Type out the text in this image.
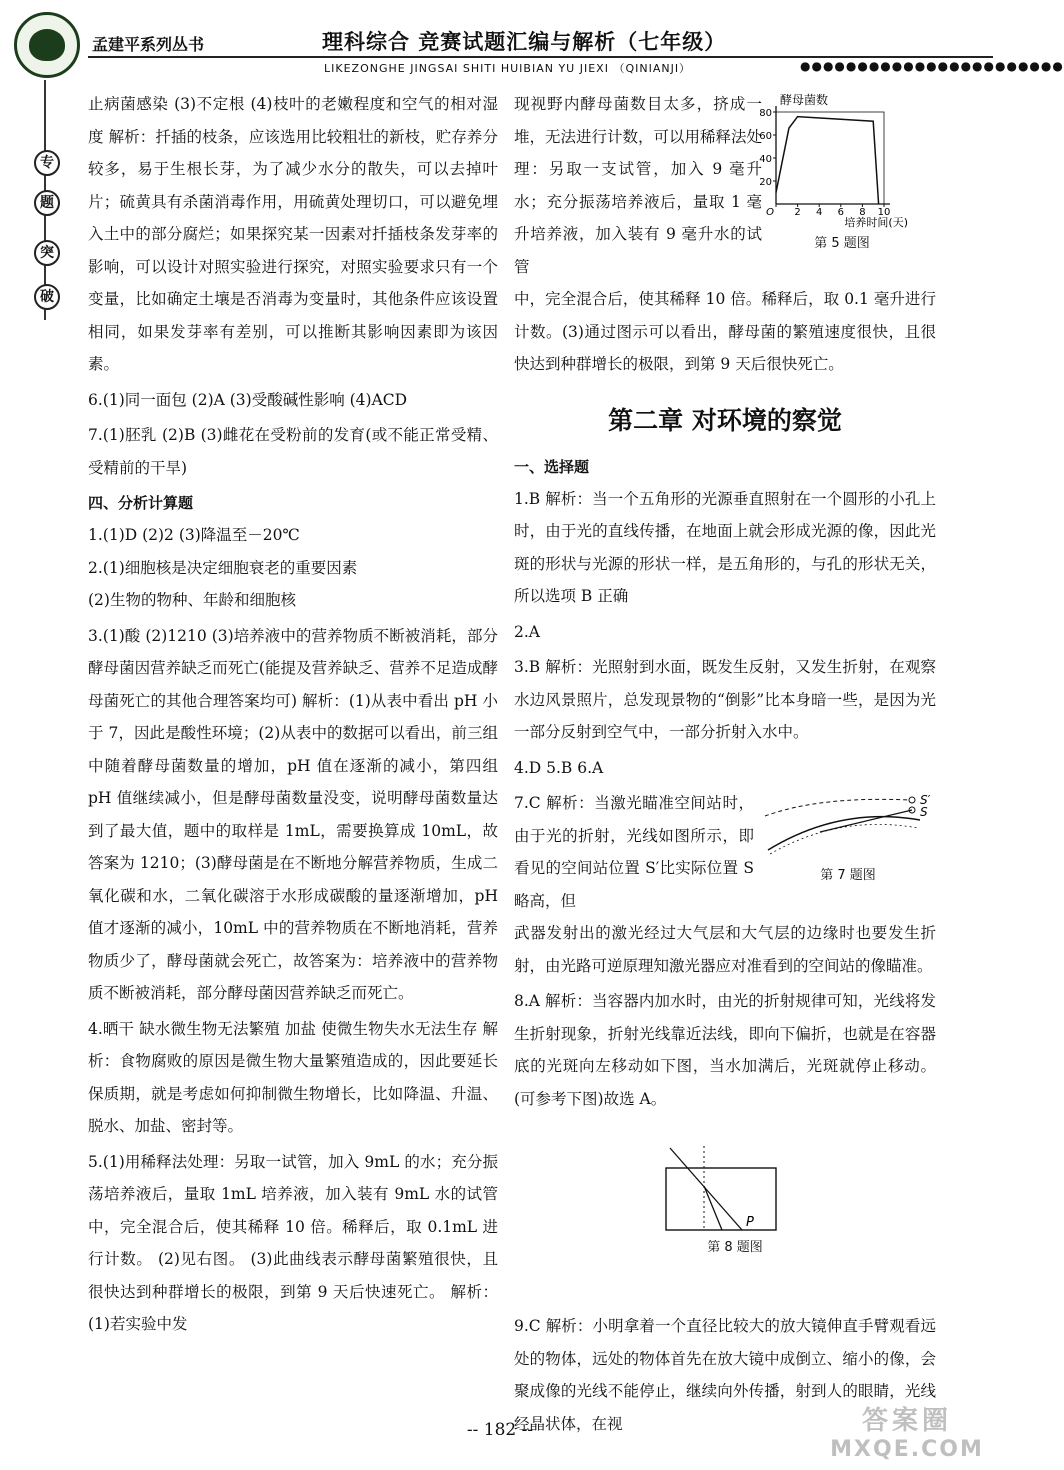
孟建平系列丛书	理科综合 竞赛试题汇编与解析（七年级）
LIKEZONGHE JINGSAI SHITI HUIBIAN YU JIEXI （QINIANJI）	●●●●●●●●●●●●●●●●●●●●●●●
专
题
突
破

止病菌感染 (3)不定根 (4)枝叶的老嫩程度和空气的相对湿度 解析：扦插的枝条，应该选用比较粗壮的新枝，贮存养分较多，易于生根长芽，为了减少水分的散失，可以去掉叶片；硫黄具有杀菌消毒作用，用硫黄处理切口，可以避免埋入土中的部分腐烂；如果探究某一因素对扦插枝条发芽率的影响，可以设计对照实验进行探究，对照实验要求只有一个变量，比如确定土壤是否消毒为变量时，其他条件应该设置相同，如果发芽率有差别，可以推断其影响因素即为该因素。

6.(1)同一面包 (2)A (3)受酸碱性影响 (4)ACD

7.(1)胚乳 (2)B (3)雌花在受粉前的发育(或不能正常受精、受精前的干旱)

四、分析计算题

1.(1)D (2)2 (3)降温至－20℃

2.(1)细胞核是决定细胞衰老的重要因素

(2)生物的物种、年龄和细胞核

3.(1)酸 (2)1210 (3)培养液中的营养物质不断被消耗，部分酵母菌因营养缺乏而死亡(能提及营养缺乏、营养不足造成酵母菌死亡的其他合理答案均可) 解析：(1)从表中看出 pH 小于 7，因此是酸性环境；(2)从表中的数据可以看出，前三组中随着酵母菌数量的增加，pH 值在逐渐的减小，第四组 pH 值继续减小，但是酵母菌数量没变，说明酵母菌数量达到了最大值，题中的取样是 1mL，需要换算成 10mL，故答案为 1210；(3)酵母菌是在不断地分解营养物质，生成二氧化碳和水，二氧化碳溶于水形成碳酸的量逐渐增加，pH 值才逐渐的减小，10mL 中的营养物质在不断地消耗，营养物质少了，酵母菌就会死亡，故答案为：培养液中的营养物质不断被消耗，部分酵母菌因营养缺乏而死亡。

4.晒干 缺水微生物无法繁殖 加盐 使微生物失水无法生存 解析：食物腐败的原因是微生物大量繁殖造成的，因此要延长保质期，就是考虑如何抑制微生物增长，比如降温、升温、脱水、加盐、密封等。

5.(1)用稀释法处理：另取一试管，加入 9mL 的水；充分振荡培养液后，量取 1mL 培养液，加入装有 9mL 水的试管中，完全混合后，使其稀释 10 倍。稀释后，取 0.1mL 进行计数。 (2)见右图。 (3)此曲线表示酵母菌繁殖很快，且很快达到种群增长的极限，到第 9 天后快速死亡。 解析：(1)若实验中发

现视野内酵母菌数目太多，挤成一堆，无法进行计数，可以用稀释法处理：另取一支试管，加入 9 毫升水；充分振荡培养液后，量取 1 毫升培养液，加入装有 9 毫升水的试管

中，完全混合后，使其稀释 10 倍。稀释后，取 0.1 毫升进行计数。(3)通过图示可以看出，酵母菌的繁殖速度很快，且很快达到种群增长的极限，到第 9 天后很快死亡。

第二章 对环境的察觉

一、选择题

1.B 解析：当一个五角形的光源垂直照射在一个圆形的小孔上时，由于光的直线传播，在地面上就会形成光源的像，因此光斑的形状与光源的形状一样，是五角形的，与孔的形状无关，所以选项 B 正确

2.A

3.B 解析：光照射到水面，既发生反射，又发生折射，在观察水边风景照片，总发现景物的“倒影”比本身暗一些，是因为光一部分反射到空气中，一部分折射入水中。

4.D 5.B 6.A

7.C 解析：当激光瞄准空间站时，由于光的折射，光线如图所示，即看见的空间站位置 S′比实际位置 S 略高，但

武器发射出的激光经过大气层和大气层的边缘时也要发生折射，由光路可逆原理知激光器应对准看到的空间站的像瞄准。

8.A 解析：当容器内加水时，由光的折射规律可知，光线将发生折射现象，折射光线靠近法线，即向下偏折，也就是在容器底的光斑向左移动如下图，当水加满后，光斑就停止移动。(可参考下图)故选 A。

9.C 解析：小明拿着一个直径比较大的放大镜伸直手臂观看远处的物体，远处的物体首先在放大镜中成倒立、缩小的像，会聚成像的光线不能停止，继续向外传播，射到人的眼睛，光线经晶状体，在视

20
40
60
80
O 2 4 6 8 10
酵母菌数
培养时间(天)
第 5 题图
S′
S
第 7 题图
P
第 8 题图
-- 182 --	答案圈
MXQE.COM
